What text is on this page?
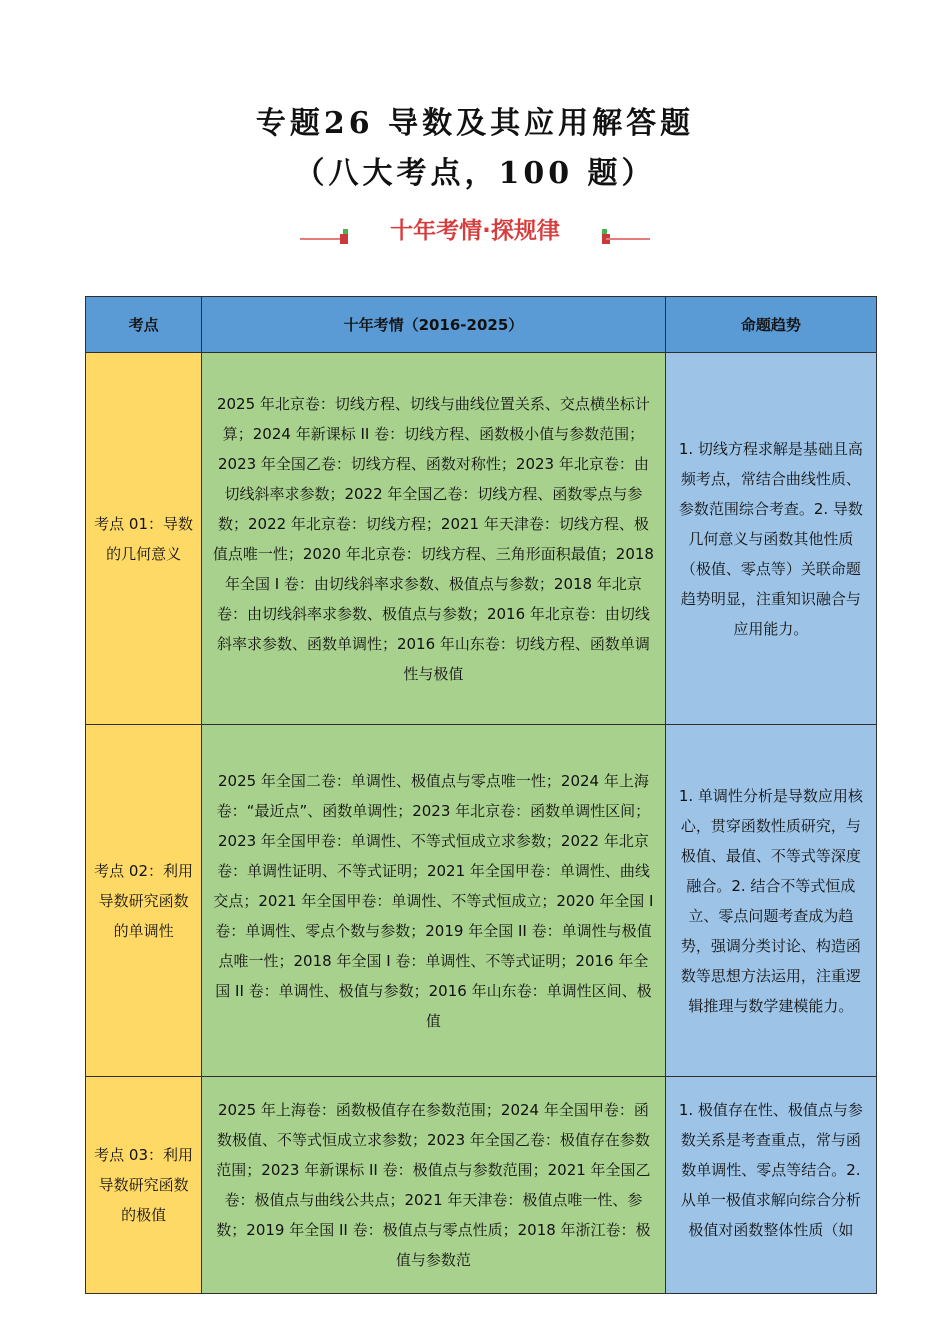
专题26 导数及其应用解答题
（八大考点，100 题）
十年考情·探规律
考点	十年考情（2016-2025）	命题趋势

考点 01：导数的几何意义	2025 年北京卷：切线方程、切线与曲线位置关系、交点横坐标计算；2024 年新课标 II 卷：切线方程、函数极小值与参数范围；2023 年全国乙卷：切线方程、函数对称性；2023 年北京卷：由切线斜率求参数；2022 年全国乙卷：切线方程、函数零点与参数；2022 年北京卷：切线方程；2021 年天津卷：切线方程、极值点唯一性；2020 年北京卷：切线方程、三角形面积最值；2018 年全国 I 卷：由切线斜率求参数、极值点与参数；2018 年北京卷：由切线斜率求参数、极值点与参数；2016 年北京卷：由切线斜率求参数、函数单调性；2016 年山东卷：切线方程、函数单调性与极值	1. 切线方程求解是基础且高频考点，常结合曲线性质、参数范围综合考查。2. 导数几何意义与函数其他性质（极值、零点等）关联命题趋势明显，注重知识融合与应用能力。

考点 02：利用导数研究函数的单调性	2025 年全国二卷：单调性、极值点与零点唯一性；2024 年上海卷：“最近点”、函数单调性；2023 年北京卷：函数单调性区间；2023 年全国甲卷：单调性、不等式恒成立求参数；2022 年北京卷：单调性证明、不等式证明；2021 年全国甲卷：单调性、曲线交点；2021 年全国甲卷：单调性、不等式恒成立；2020 年全国 I 卷：单调性、零点个数与参数；2019 年全国 II 卷：单调性与极值点唯一性；2018 年全国 I 卷：单调性、不等式证明；2016 年全国 II 卷：单调性、极值与参数；2016 年山东卷：单调性区间、极值	1. 单调性分析是导数应用核心，贯穿函数性质研究，与极值、最值、不等式等深度融合。2. 结合不等式恒成立、零点问题考查成为趋势，强调分类讨论、构造函数等思想方法运用，注重逻辑推理与数学建模能力。

考点 03：利用导数研究函数的极值	2025 年上海卷：函数极值存在参数范围；2024 年全国甲卷：函数极值、不等式恒成立求参数；2023 年全国乙卷：极值存在参数范围；2023 年新课标 II 卷：极值点与参数范围；2021 年全国乙卷：极值点与曲线公共点；2021 年天津卷：极值点唯一性、参数；2019 年全国 II 卷：极值点与零点性质；2018 年浙江卷：极值与参数范	1. 极值存在性、极值点与参数关系是考查重点，常与函数单调性、零点等结合。2. 从单一极值求解向综合分析极值对函数整体性质（如
